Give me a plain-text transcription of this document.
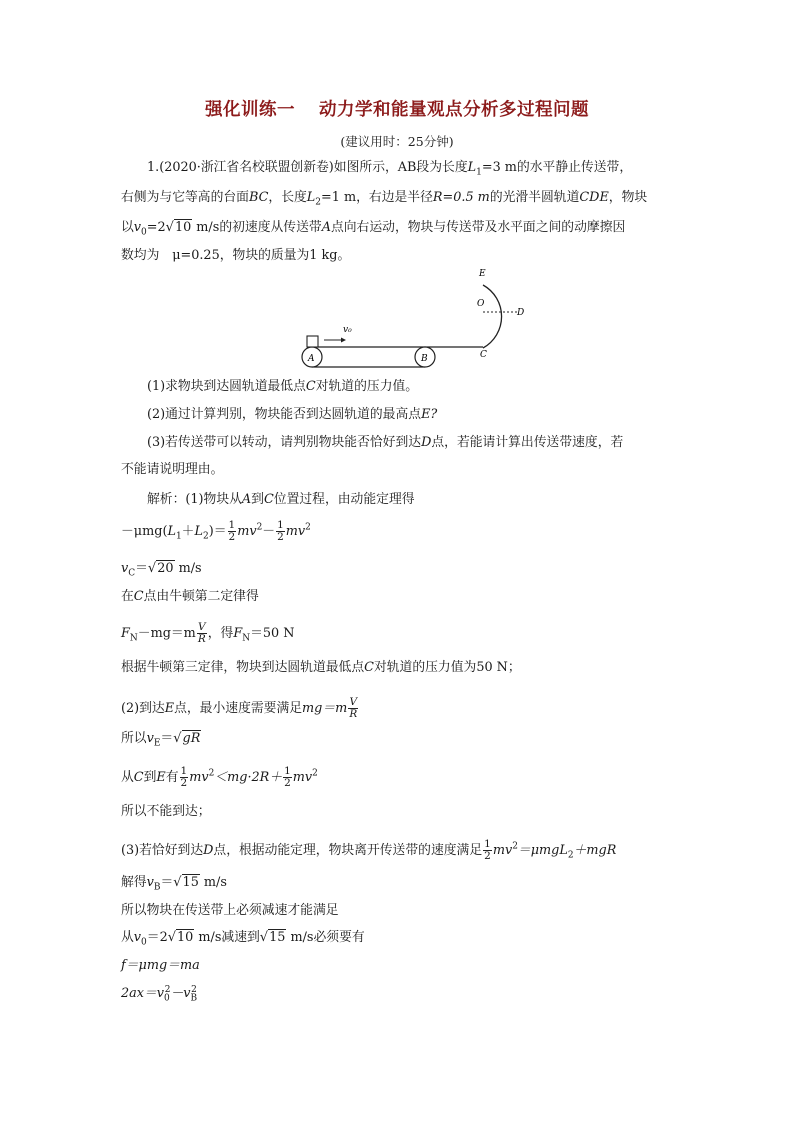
强化训练一 动力学和能量观点分析多过程问题
(建议用时：25分钟)
1.(2020·浙江省名校联盟创新卷)如图所示，AB段为长度$L_1=3$ m的水平静止传送带，
右侧为与它等高的台面BC，长度$L_2=1$ m，右边是半径R=0.5 m的光滑半圆轨道CDE，物块
以$v_0=2√10$ m/s的初速度从传送带A点向右运动，物块与传送带及水平面之间的动摩擦因
数均为　μ=0.25，物块的质量为1 kg。
v₀
A	B	C
D
E
O
(1)求物块到达圆轨道最低点C对轨道的压力值。
(2)通过计算判别，物块能否到达圆轨道的最高点E?
(3)若传送带可以转动，请判别物块能否恰好到达D点，若能请计算出传送带速度，若
不能请说明理由。
解析：(1)物块从A到C位置过程，由动能定理得
$-\mu mg(L_1+L_2)= \frac{1}{2} mv^2- \frac{1}{2} mv^2$
$v_C=√20$ m/s
在C点由牛顿第二定律得
$F_N-mg=m \frac{V}{R}$ ，得$F_N=50$ N
根据牛顿第三定律，物块到达圆轨道最低点C对轨道的压力值为50 N；
(2)到达E点，最小速度需要满足$mg=m \frac{V}{R}$
所以$v_E=√gR$
从C到E有 $\frac{1}{2} mv^2<mg\cdot 2R+ \frac{1}{2} mv^2$
所以不能到达；
(3)若恰好到达D点，根据动能定理，物块离开传送带的速度满足 $\frac{1}{2} mv^2=\mu mgL_2+mgR$
解得$v_B=√15$ m/s
所以物块在传送带上必须减速才能满足
从$v_0=2√10$ m/s减速到√15 m/s必须要有
f＝μmg＝ma
$2ax=v_0^2-v_B^2$
